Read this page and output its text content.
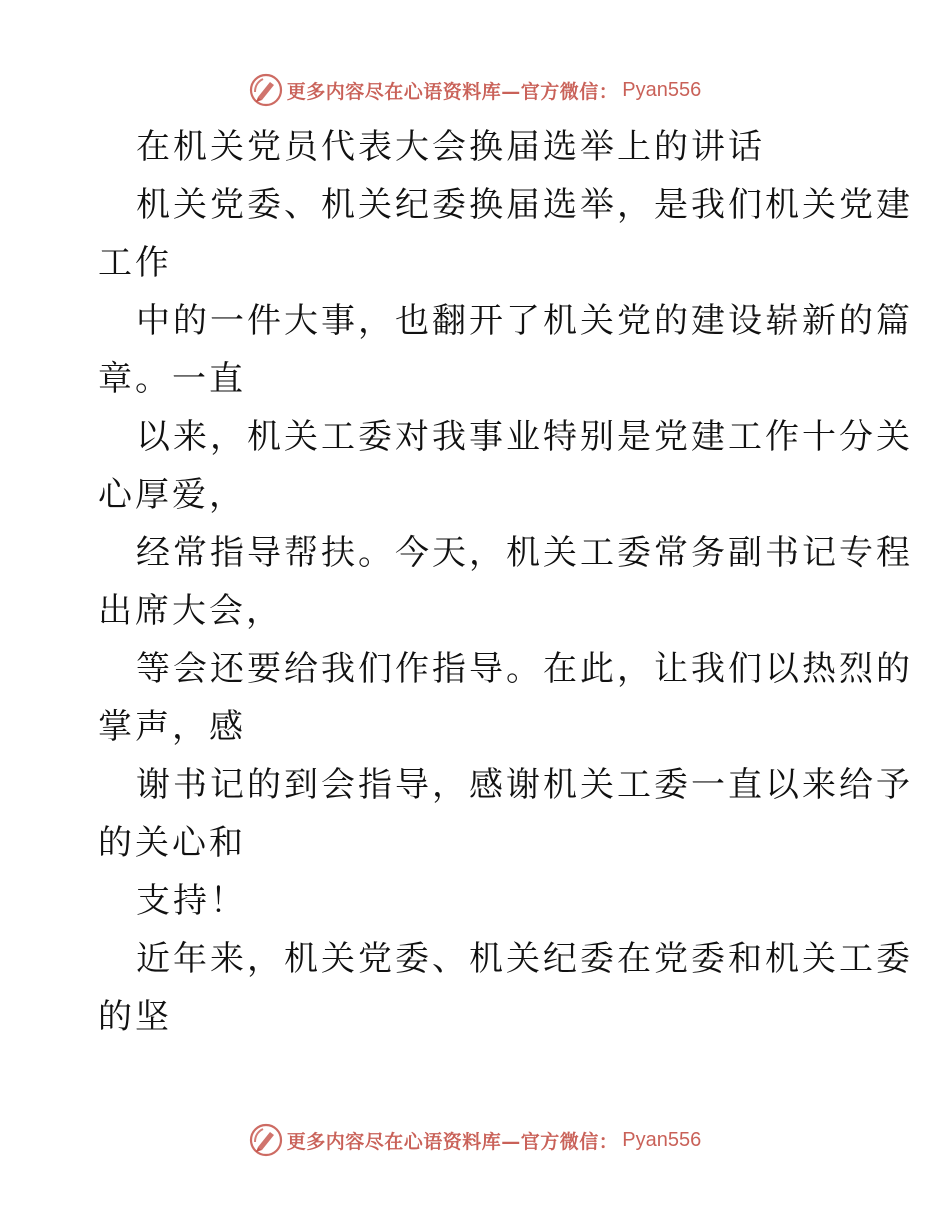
更多内容尽在心语资料库—官方微信： Pyan556
在机关党员代表大会换届选举上的讲话
机关党委、机关纪委换届选举，是我们机关党建
工作
中的一件大事，也翻开了机关党的建设崭新的篇
章。一直
以来，机关工委对我事业特别是党建工作十分关
心厚爱，
经常指导帮扶。今天，机关工委常务副书记专程
出席大会，
等会还要给我们作指导。在此，让我们以热烈的
掌声，感
谢书记的到会指导，感谢机关工委一直以来给予
的关心和
支持！
近年来，机关党委、机关纪委在党委和机关工委
的坚
更多内容尽在心语资料库—官方微信： Pyan556
